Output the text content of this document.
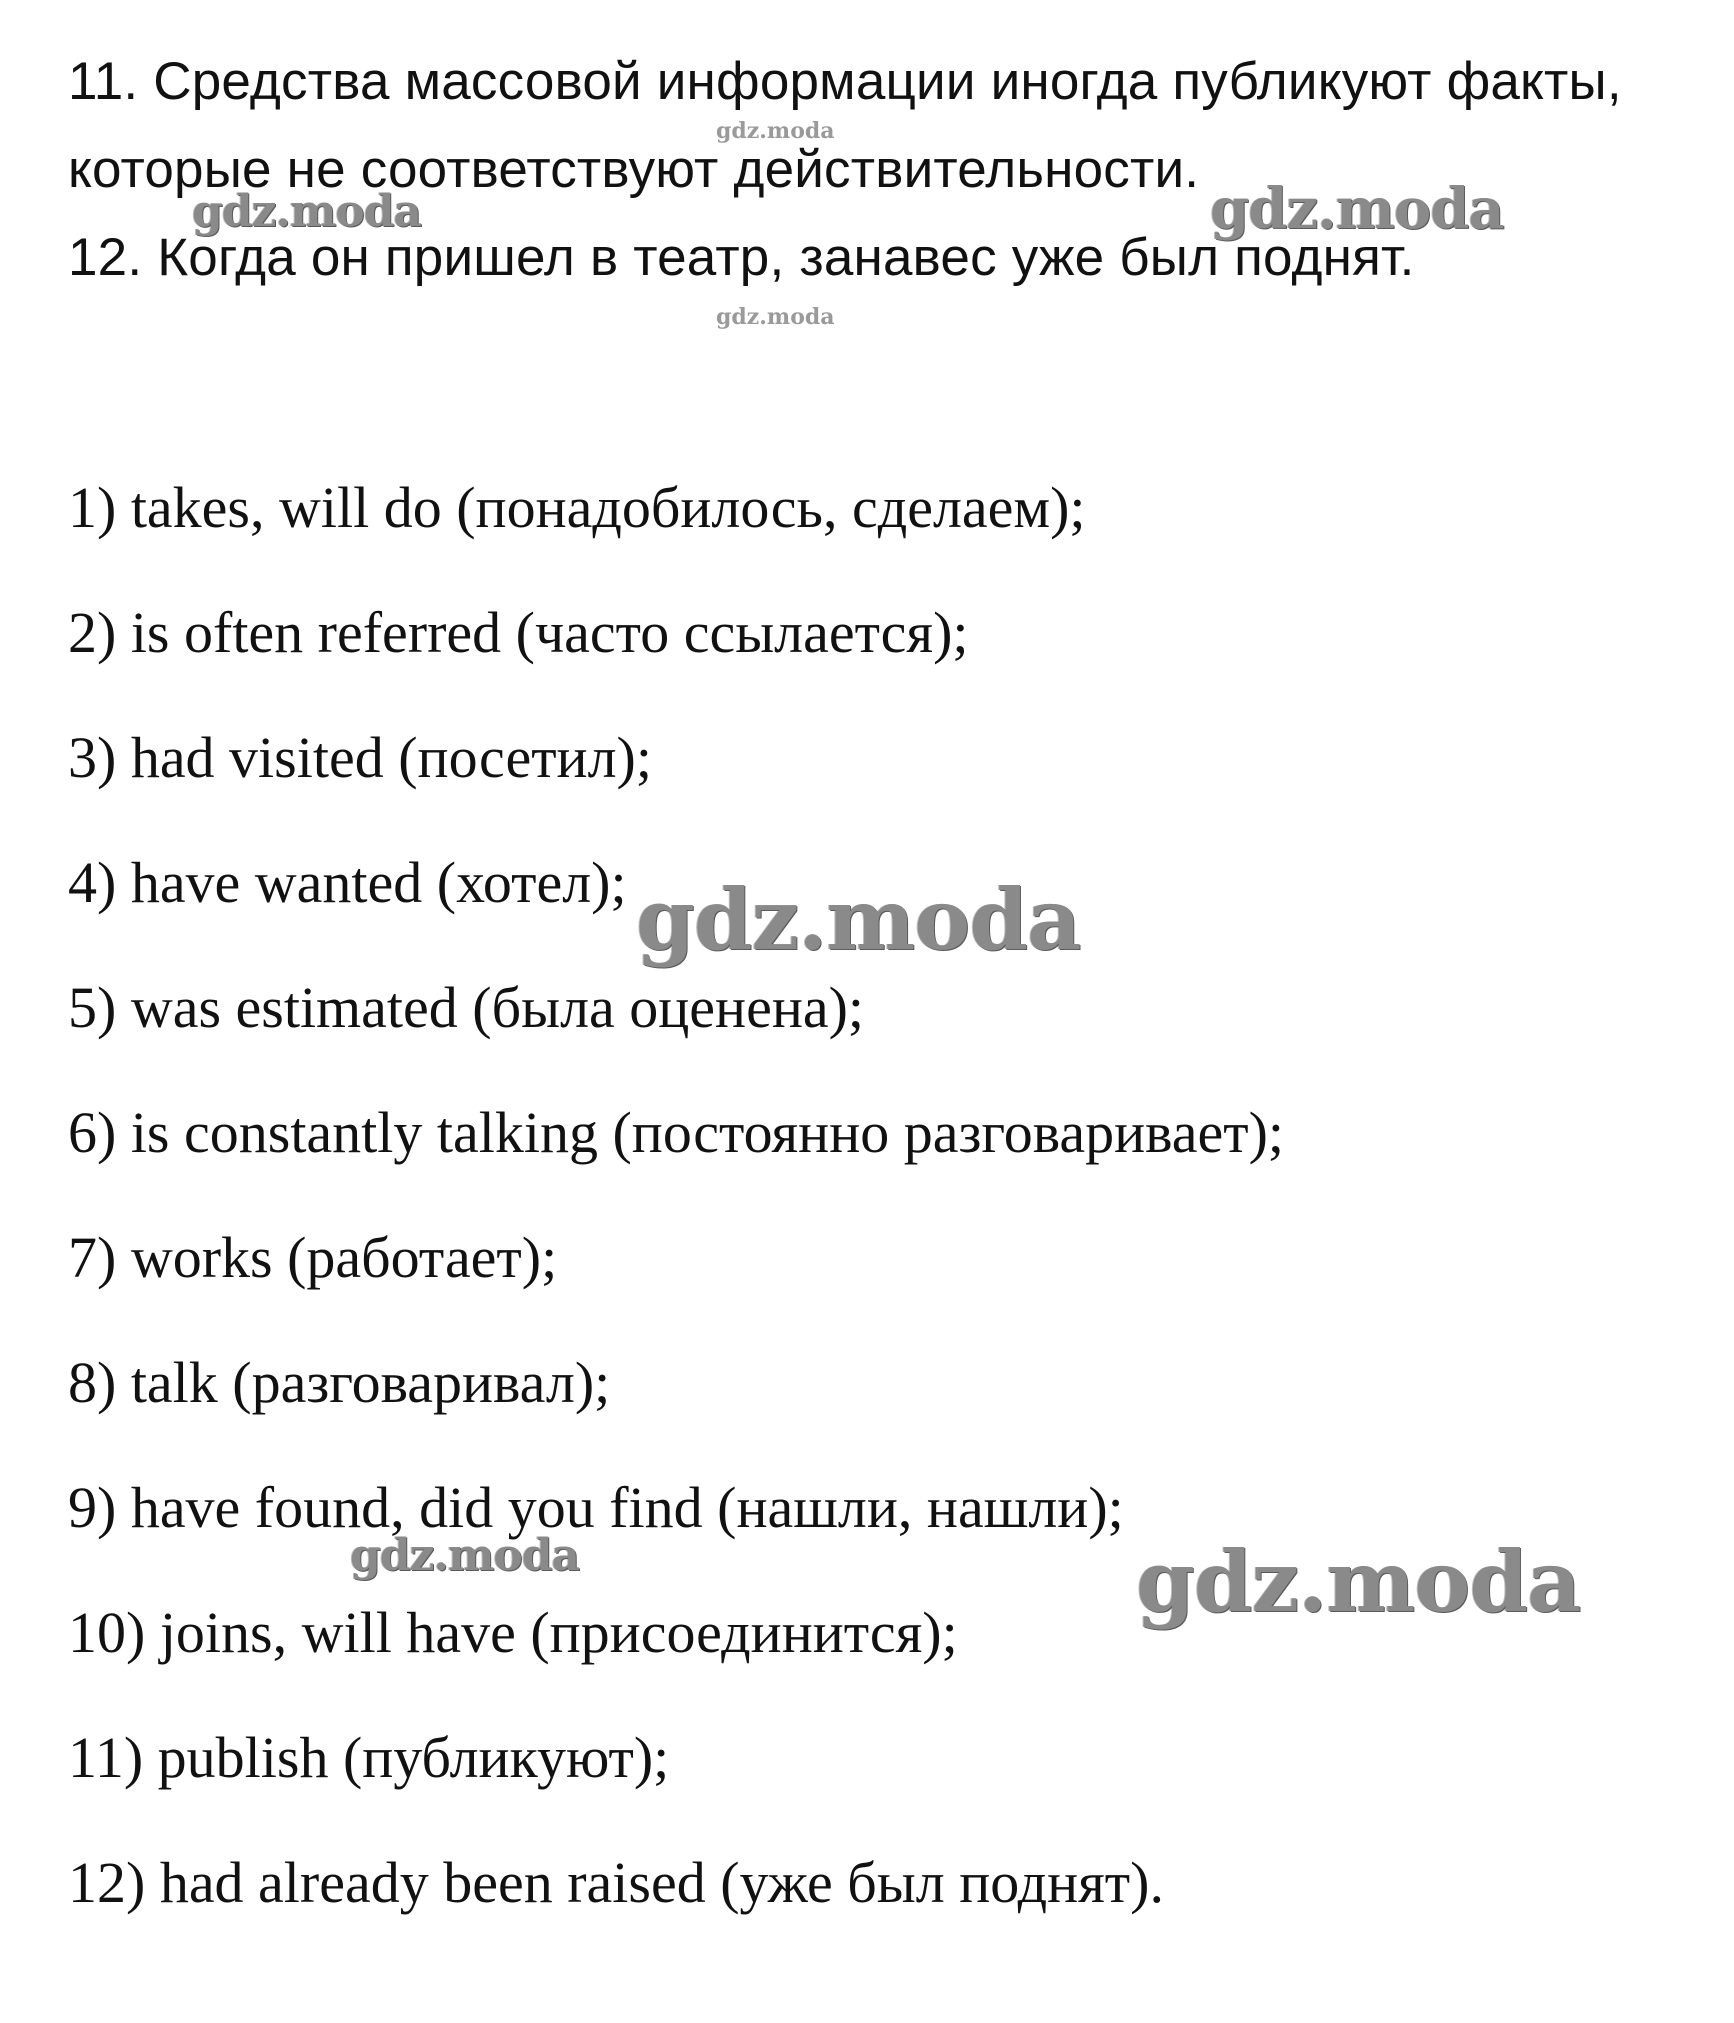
11. Средства массовой информации иногда публикуют факты,
которые не соответствуют действительности.
12. Когда он пришел в театр, занавес уже был поднят.
1) takes, will do (понадобилось, сделаем);
2) is often referred (часто ссылается);
3) had visited (посетил);
4) have wanted (хотел);
5) was estimated (была оценена);
6) is constantly talking (постоянно разговаривает);
7) works (работает);
8) talk (разговаривал);
9) have found, did you find (нашли, нашли);
10) joins, will have (присоединится);
11) publish (публикуют);
12) had already been raised (уже был поднят).
gdz.moda
gdz.moda	gdz.moda
gdz.moda
gdz.moda
gdz.moda	gdz.moda
